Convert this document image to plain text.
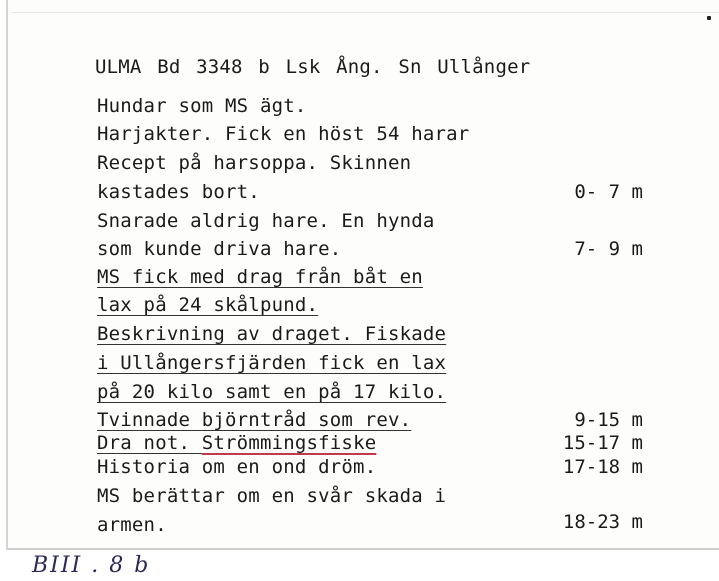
ULMA Bd 3348 b Lsk Ång. Sn Ullånger
Hundar som MS ägt.
Harjakter. Fick en höst 54 harar
Recept på harsoppa. Skinnen
kastades bort.	0- 7 m
Snarade aldrig hare. En hynda
som kunde driva hare.	7- 9 m
MS fick med drag från båt en
lax på 24 skålpund.
Beskrivning av draget. Fiskade
i Ullångersfjärden fick en lax
på 20 kilo samt en på 17 kilo.
Tvinnade björntråd som rev.	9-15 m
Dra not. Strömmingsfiske	15-17 m
Historia om en ond dröm.	17-18 m
MS berättar om en svår skada i
armen.	18-23 m
BIII . 8 b
